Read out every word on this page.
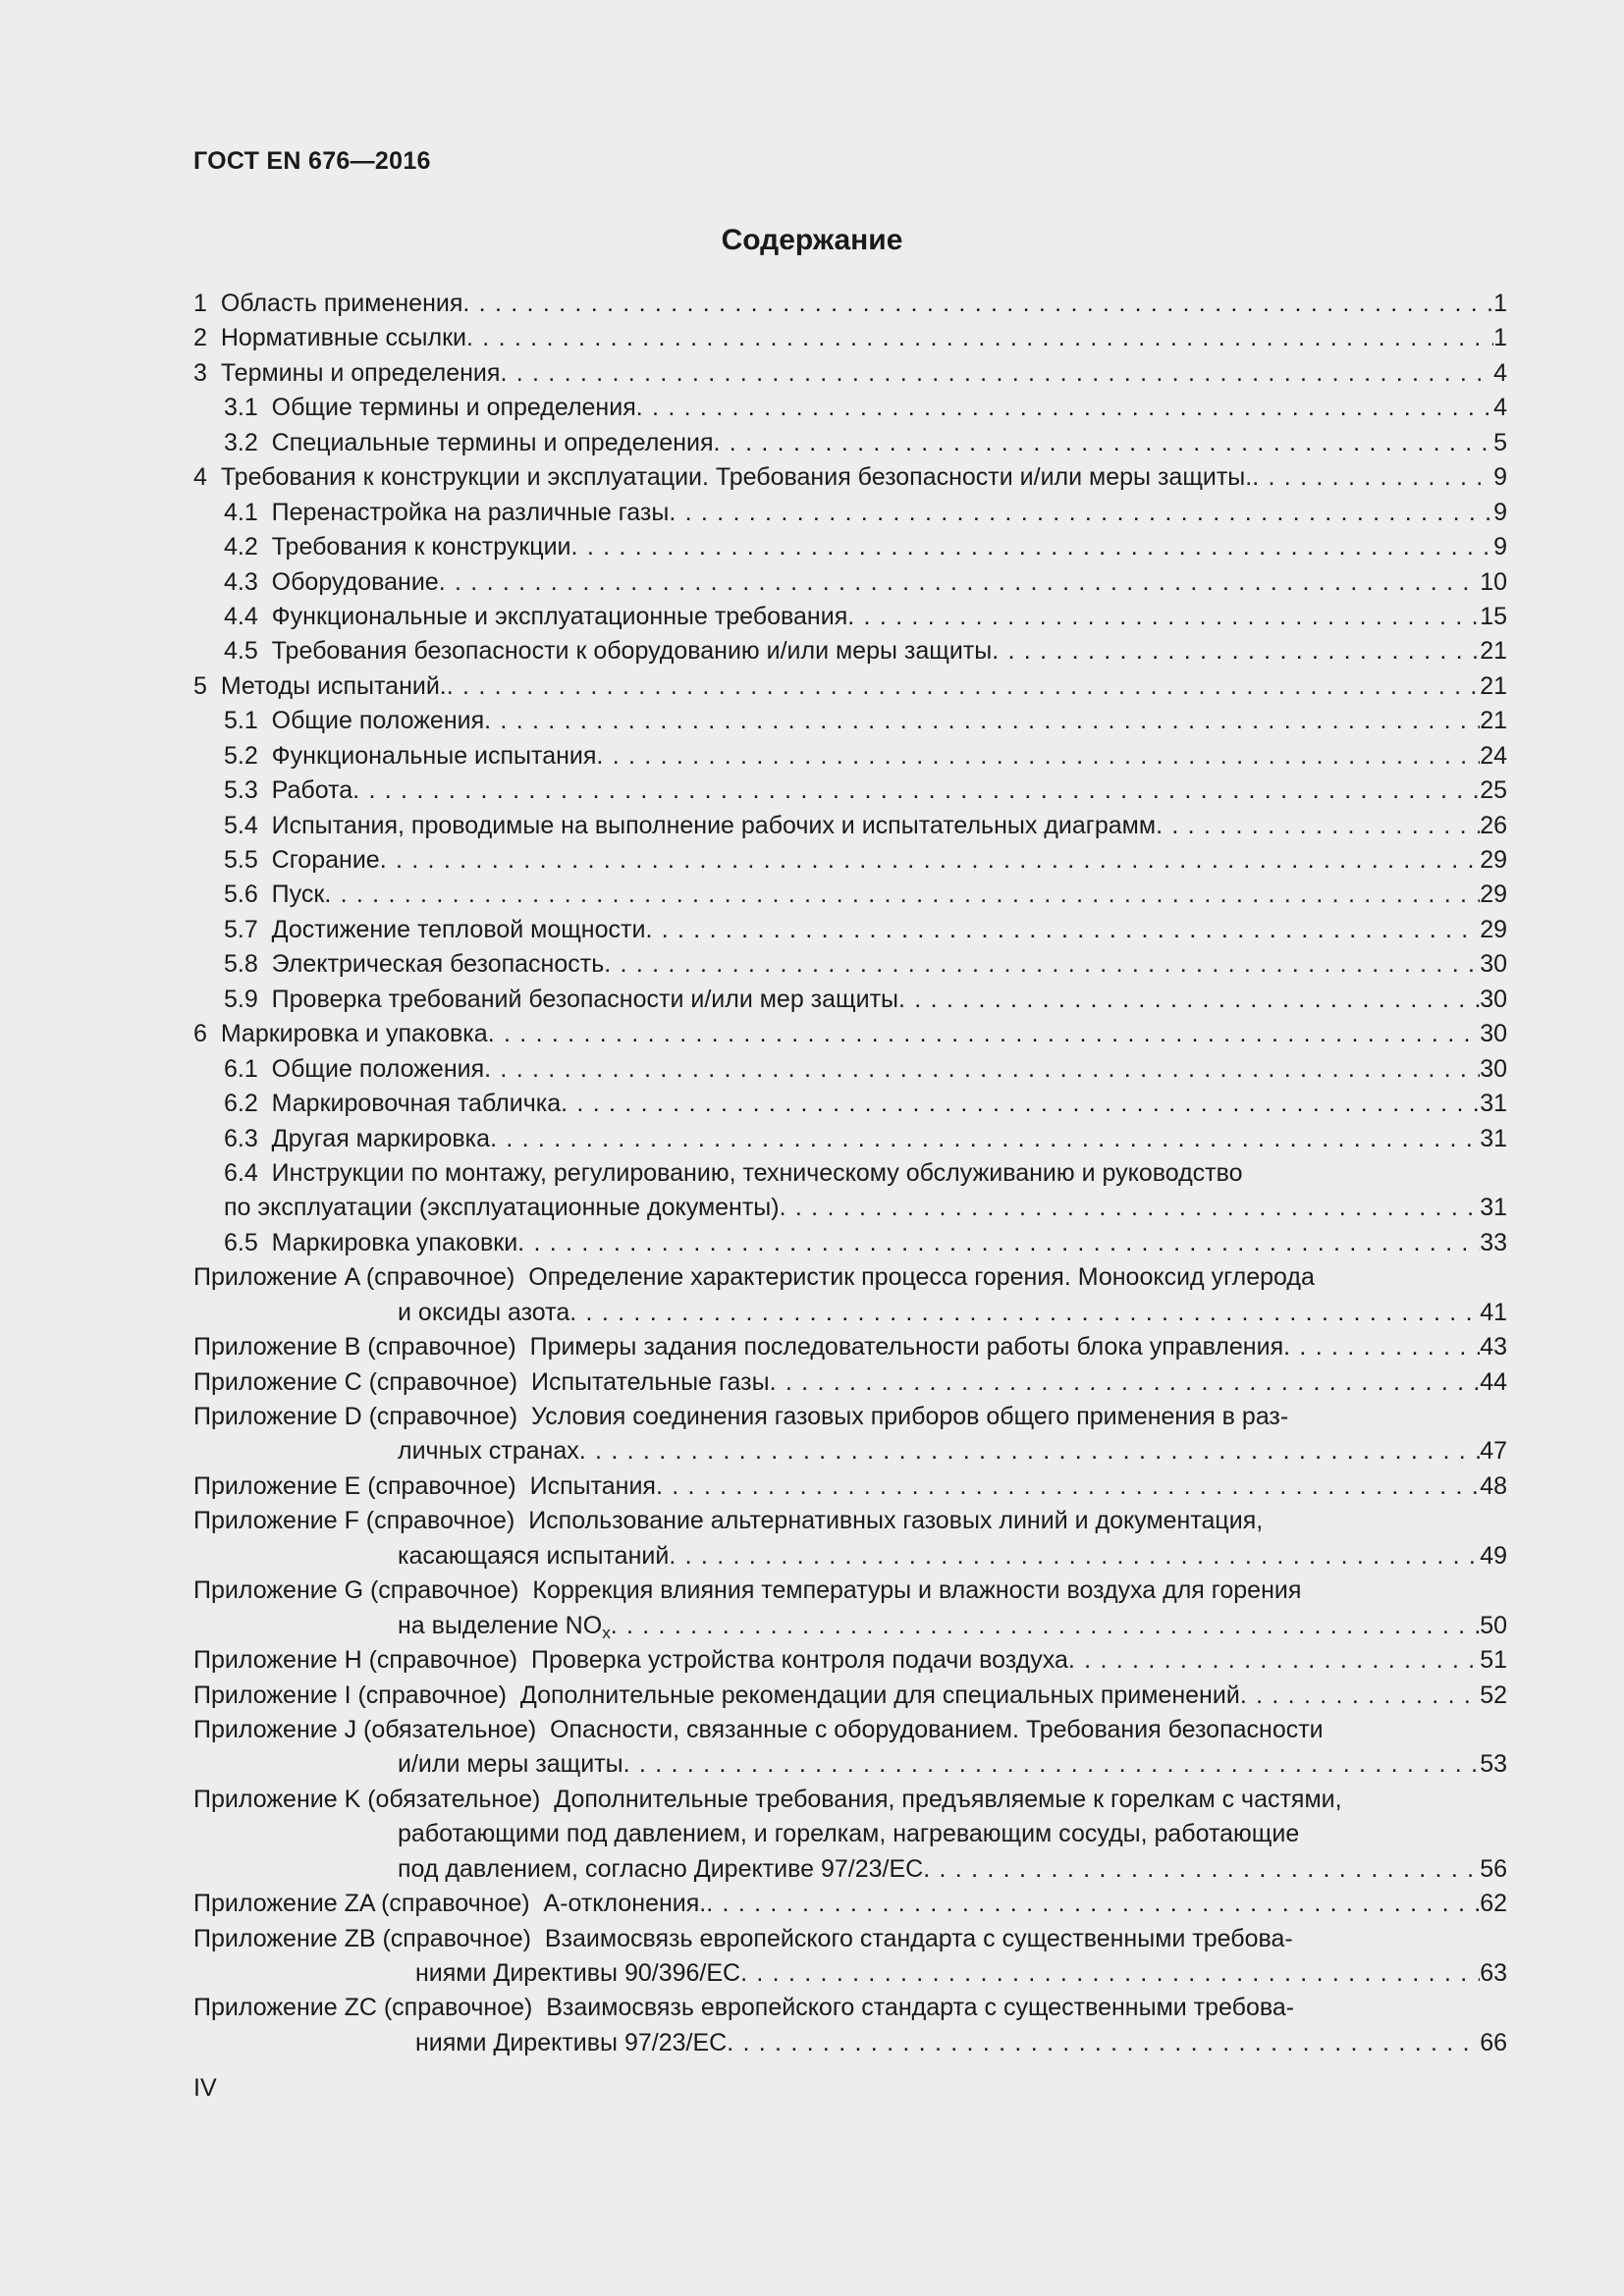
ГОСТ EN 676—2016
Содержание
1 Область применения . . .	1
2 Нормативные ссылки . . .	1
3 Термины и определения . . .	4
3.1 Общие термины и определения . . .	4
3.2 Специальные термины и определения . . .	5
4 Требования к конструкции и эксплуатации. Требования безопасности и/или меры защиты. . . .	9
4.1 Перенастройка на различные газы . . .	9
4.2 Требования к конструкции . . .	9
4.3 Оборудование . . .	10
4.4 Функциональные и эксплуатационные требования . . .	15
4.5 Требования безопасности к оборудованию и/или меры защиты . . .	21
5 Методы испытаний. . . .	21
5.1 Общие положения . . .	21
5.2 Функциональные испытания . . .	24
5.3 Работа . . .	25
5.4 Испытания, проводимые на выполнение рабочих и испытательных диаграмм . . .	26
5.5 Сгорание . . .	29
5.6 Пуск . . .	29
5.7 Достижение тепловой мощности . . .	29
5.8 Электрическая безопасность . . .	30
5.9 Проверка требований безопасности и/или мер защиты . . .	30
6 Маркировка и упаковка . . .	30
6.1 Общие положения . . .	30
6.2 Маркировочная табличка . . .	31
6.3 Другая маркировка . . .	31
6.4 Инструкции по монтажу, регулированию, техническому обслуживанию и руководство
по эксплуатации (эксплуатационные документы) . . .	31
6.5 Маркировка упаковки . . .	33
Приложение A (справочное) Определение характеристик процесса горения. Монооксид углерода
и оксиды азота . . .	41
Приложение B (справочное) Примеры задания последовательности работы блока управления . . .	43
Приложение C (справочное) Испытательные газы . . .	44
Приложение D (справочное) Условия соединения газовых приборов общего применения в раз-
личных странах . . .	47
Приложение E (справочное) Испытания . . .	48
Приложение F (справочное) Использование альтернативных газовых линий и документация,
касающаяся испытаний . . .	49
Приложение G (справочное) Коррекция влияния температуры и влажности воздуха для горения
на выделение $NO_x$ . . .	50
Приложение H (справочное) Проверка устройства контроля подачи воздуха . . .	51
Приложение I (справочное) Дополнительные рекомендации для специальных применений . . .	52
Приложение J (обязательное) Опасности, связанные с оборудованием. Требования безопасности
и/или меры защиты . . .	53
Приложение K (обязательное) Дополнительные требования, предъявляемые к горелкам с частями,
работающими под давлением, и горелкам, нагревающим сосуды, работающие
под давлением, согласно Директиве 97/23/ЕС . . .	56
Приложение ZA (справочное) А-отклонения. . . .	62
Приложение ZB (справочное) Взаимосвязь европейского стандарта с существенными требова-
ниями Директивы 90/396/ЕС . . .	63
Приложение ZC (справочное) Взаимосвязь европейского стандарта с существенными требова-
ниями Директивы 97/23/ЕС . . .	66
IV
